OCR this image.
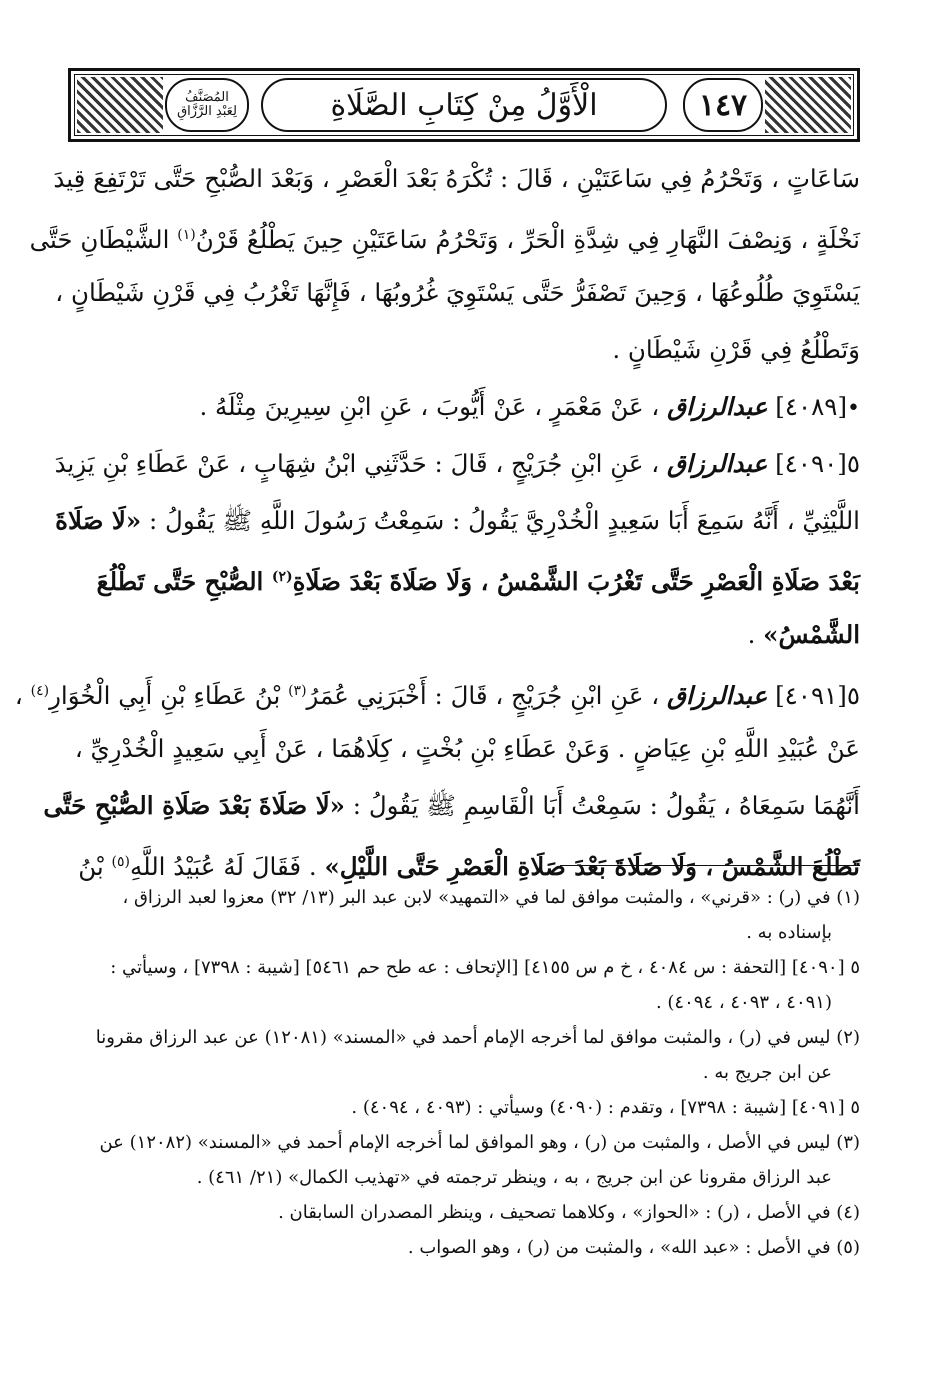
المُصَنَّفُ
لِعَبْدِ الرَّزَّاقِ	الْأَوَّلُ مِنْ كِتَابِ الصَّلَاةِ	١٤٧
سَاعَاتٍ ، وَتَحْرُمُ فِي سَاعَتَيْنِ ، قَالَ : تُكْرَهُ بَعْدَ الْعَصْرِ ، وَبَعْدَ الصُّبْحِ حَتَّى تَرْتَفِعَ قِيدَ
نَخْلَةٍ ، وَنِصْفَ النَّهَارِ فِي شِدَّةِ الْحَرِّ ، وَتَحْرُمُ سَاعَتَيْنِ حِينَ يَطْلُعُ قَرْنُ$^{(١)}$ الشَّيْطَانِ حَتَّى
يَسْتَوِيَ طُلُوعُهَا ، وَحِينَ تَصْفَرُّ حَتَّى يَسْتَوِيَ غُرُوبُهَا ، فَإِنَّهَا تَغْرُبُ فِي قَرْنِ شَيْطَانٍ ،
وَتَطْلُعُ فِي قَرْنِ شَيْطَانٍ .
•[٤٠٨٩] عبدالرزاق ، عَنْ مَعْمَرٍ ، عَنْ أَيُّوبَ ، عَنِ ابْنِ سِيرِينَ مِثْلَهُ .
٥[٤٠٩٠] عبدالرزاق ، عَنِ ابْنِ جُرَيْجٍ ، قَالَ : حَدَّثَنِي ابْنُ شِهَابٍ ، عَنْ عَطَاءِ بْنِ يَزِيدَ
اللَّيْثِيِّ ، أَنَّهُ سَمِعَ أَبَا سَعِيدٍ الْخُدْرِيَّ يَقُولُ : سَمِعْتُ رَسُولَ اللَّهِ ﷺ يَقُولُ : «لَا صَلَاةَ
بَعْدَ صَلَاةِ الْعَصْرِ حَتَّى تَغْرُبَ الشَّمْسُ ، وَلَا صَلَاةَ بَعْدَ صَلَاةِ$^{(٢)}$ الصُّبْحِ حَتَّى تَطْلُعَ
الشَّمْسُ» .
٥[٤٠٩١] عبدالرزاق ، عَنِ ابْنِ جُرَيْجٍ ، قَالَ : أَخْبَرَنِي عُمَرُ$^{(٣)}$ بْنُ عَطَاءِ بْنِ أَبِي الْخُوَارِ$^{(٤)}$ ،
عَنْ عُبَيْدِ اللَّهِ بْنِ عِيَاضٍ . وَعَنْ عَطَاءِ بْنِ بُخْتٍ ، كِلَاهُمَا ، عَنْ أَبِي سَعِيدٍ الْخُدْرِيِّ ،
أَنَّهُمَا سَمِعَاهُ ، يَقُولُ : سَمِعْتُ أَبَا الْقَاسِمِ ﷺ يَقُولُ : «لَا صَلَاةَ بَعْدَ صَلَاةِ الصُّبْحِ حَتَّى
تَطْلُعَ الشَّمْسُ ، وَلَا صَلَاةَ بَعْدَ صَلَاةِ الْعَصْرِ حَتَّى اللَّيْلِ» . فَقَالَ لَهُ عُبَيْدُ اللَّهِ$^{(٥)}$ بْنُ
(١) في (ر) : «قرني» ، والمثبت موافق لما في «التمهيد» لابن عبد البر (١٣/ ٣٢) معزوا لعبد الرزاق ،
بإسناده به .
٥ [٤٠٩٠] [التحفة : س ٤٠٨٤ ، خ م س ٤١٥٥] [الإتحاف : عه طح حم ٥٤٦١] [شيبة : ٧٣٩٨] ، وسيأتي :
(٤٠٩١ ، ٤٠٩٣ ، ٤٠٩٤) .
(٢) ليس في (ر) ، والمثبت موافق لما أخرجه الإمام أحمد في «المسند» (١٢٠٨١) عن عبد الرزاق مقرونا
عن ابن جريج به .
٥ [٤٠٩١] [شيبة : ٧٣٩٨] ، وتقدم : (٤٠٩٠) وسيأتي : (٤٠٩٣ ، ٤٠٩٤) .
(٣) ليس في الأصل ، والمثبت من (ر) ، وهو الموافق لما أخرجه الإمام أحمد في «المسند» (١٢٠٨٢) عن
عبد الرزاق مقرونا عن ابن جريج ، به ، وينظر ترجمته في «تهذيب الكمال» (٢١/ ٤٦١) .
(٤) في الأصل ، (ر) : «الحواز» ، وكلاهما تصحيف ، وينظر المصدران السابقان .
(٥) في الأصل : «عبد الله» ، والمثبت من (ر) ، وهو الصواب .
